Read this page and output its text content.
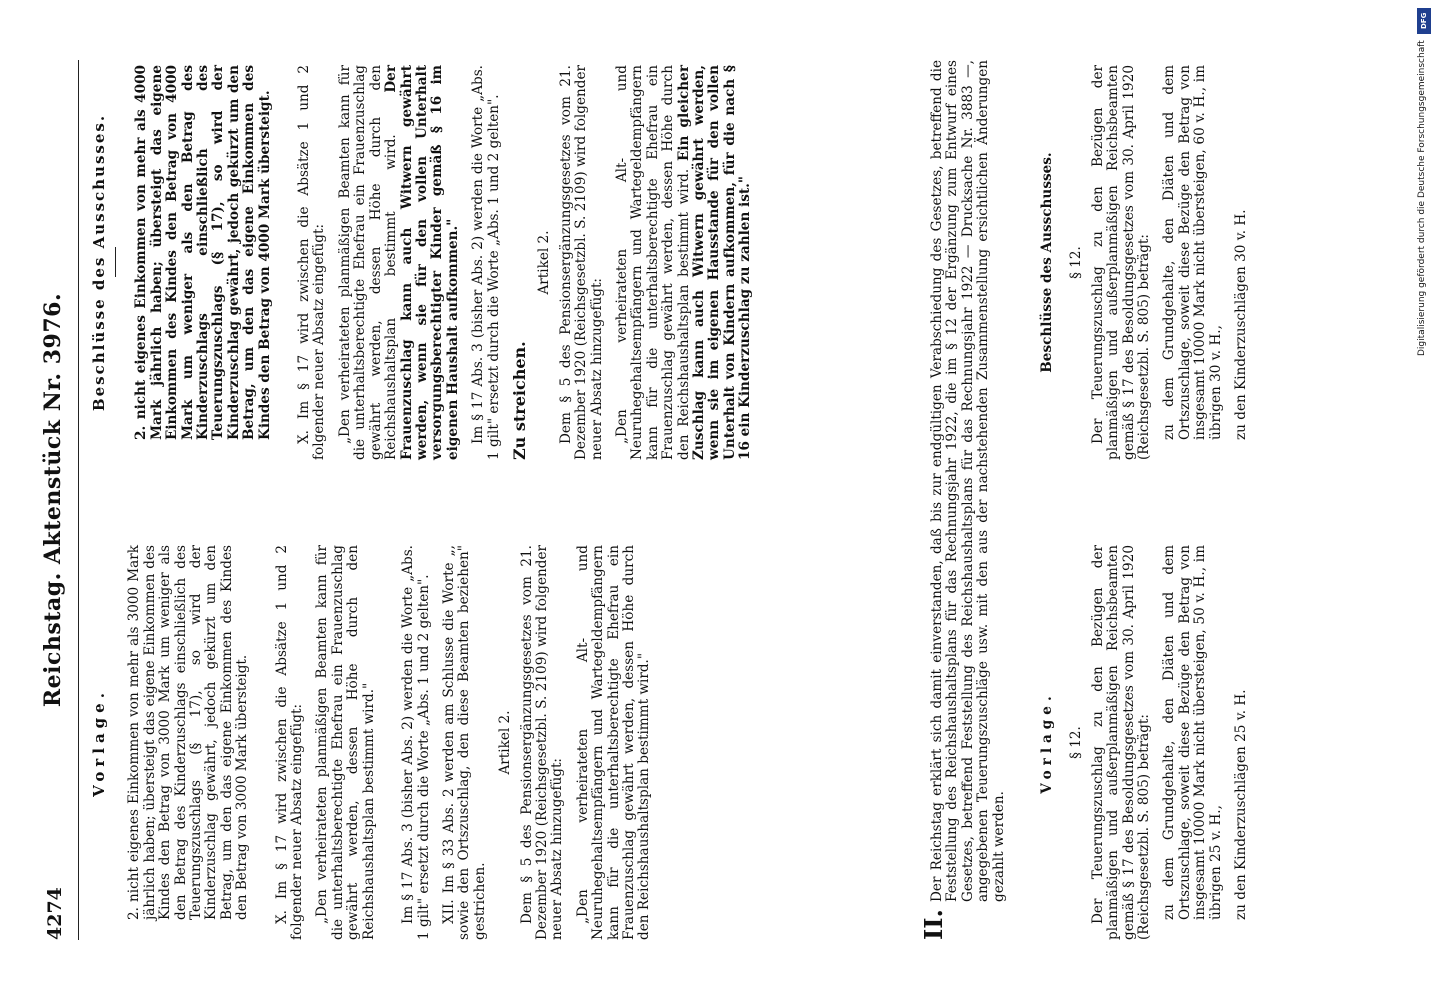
4274
Reichstag. Aktenstück Nr. 3976.
Vorlage. 2. nicht eigenes Einkommen von mehr als 3000 Mark jährlich haben; übersteigt das eigene Einkommen des Kindes den Betrag von 3000 Mark um weniger als den Betrag des Kinderzuschlags einschließlich des Teuerungszuschlags (§ 17), so wird der Kinderzuschlag gewährt, jedoch gekürzt um den Betrag, um den das eigene Einkommen des Kindes den Betrag von 3000 Mark übersteigt. X. Im § 17 wird zwischen die Absätze 1 und 2 folgender neuer Absatz eingefügt: „Den verheirateten planmäßigen Beamten kann für die unterhaltsberechtigte Ehefrau ein Frauenzuschlag gewährt werden, dessen Höhe durch den Reichshaushaltsplan bestimmt wird." Im § 17 Abs. 3 (bisher Abs. 2) werden die Worte „Abs. 1 gilt" ersetzt durch die Worte „Abs. 1 und 2 gelten". XII. Im § 33 Abs. 2 werden am Schlusse die Worte „, sowie den Ortszuschlag, den diese Beamten beziehen" gestrichen.

Artikel 2. Dem § 5 des Pensionsergänzungsgesetzes vom 21. Dezember 1920 (Reichsgesetzbl. S. 2109) wird folgender neuer Absatz hinzugefügt: „Den verheirateten Alt- und Neuruhegehaltsempfängern und Wartegeldempfängern kann für die unterhaltsberechtigte Ehefrau ein Frauenzuschlag gewährt werden, dessen Höhe durch den Reichshaushaltsplan bestimmt wird."

Beschlüsse des Ausschusses. 2. nicht eigenes Einkommen von mehr als 4000 Mark jährlich haben; übersteigt das eigene Einkommen des Kindes den Betrag von 4000 Mark um weniger als den Betrag des Kinderzuschlags einschließlich des Teuerungszuschlags (§ 17), so wird der Kinderzuschlag gewährt, jedoch gekürzt um den Betrag, um den das eigene Einkommen des Kindes den Betrag von 4000 Mark übersteigt. X. Im § 17 wird zwischen die Absätze 1 und 2 folgender neuer Absatz eingefügt: „Den verheirateten planmäßigen Beamten kann für die unterhaltsberechtigte Ehefrau ein Frauenzuschlag gewährt werden, dessen Höhe durch den Reichshaushaltsplan bestimmt wird. Der Frauenzuschlag kann auch Witwern gewährt werden, wenn sie für den vollen Unterhalt versorgungsberechtigter Kinder gemäß § 16 im eigenen Haushalt aufkommen." Im § 17 Abs. 3 (bisher Abs. 2) werden die Worte „Abs. 1 gilt" ersetzt durch die Worte „Abs. 1 und 2 gelten". Zu streichen.

Artikel 2. Dem § 5 des Pensionsergänzungsgesetzes vom 21. Dezember 1920 (Reichsgesetzbl. S. 2109) wird folgender neuer Absatz hinzugefügt: „Den verheirateten Alt- und Neuruhegehaltsempfängern und Wartegeldempfängern kann für die unterhaltsberechtigte Ehefrau ein Frauenzuschlag gewährt werden, dessen Höhe durch den Reichshaushaltsplan bestimmt wird. Ein gleicher Zuschlag kann auch Witwern gewährt werden, wenn sie im eigenen Hausstande für den vollen Unterhalt von Kindern aufkommen, für die nach § 16 ein Kinderzuschlag zu zahlen ist."

II.

Der Reichstag erklärt sich damit einverstanden, daß bis zur endgültigen Verabschiedung des Gesetzes, betreffend die Feststellung des Reichshaushaltsplans für das Rechnungsjahr 1922, die im § 12 der Ergänzung zum Entwurf eines Gesetzes, betreffend Feststellung des Reichshaushaltsplans für das Rechnungsjahr 1922 — Drucksache Nr. 3883 —, angegebenen Teuerungszuschläge usw. mit den aus der nachstehenden Zusammenstellung ersichtlichen Änderungen gezahlt werden.

Vorlage. § 12. Der Teuerungszuschlag zu den Bezügen der planmäßigen und außerplanmäßigen Reichsbeamten gemäß § 17 des Besoldungsgesetzes vom 30. April 1920 (Reichsgesetzbl. S. 805) beträgt: zu dem Grundgehalte, den Diäten und dem Ortszuschlage, soweit diese Bezüge den Betrag von insgesamt 10000 Mark nicht übersteigen, 50 v. H., im übrigen 25 v. H., zu den Kinderzuschlägen 25 v. H.

Beschlüsse des Ausschusses. § 12. Der Teuerungszuschlag zu den Bezügen der planmäßigen und außerplanmäßigen Reichsbeamten gemäß § 17 des Besoldungsgesetzes vom 30. April 1920 (Reichsgesetzbl. S. 805) beträgt: zu dem Grundgehalte, den Diäten und dem Ortszuschlage, soweit diese Bezüge den Betrag von insgesamt 10000 Mark nicht übersteigen, 60 v. H., im übrigen 30 v. H., zu den Kinderzuschlägen 30 v. H.

DFG
Digitalisierung gefördert durch die Deutsche Forschungsgemeinschaft
